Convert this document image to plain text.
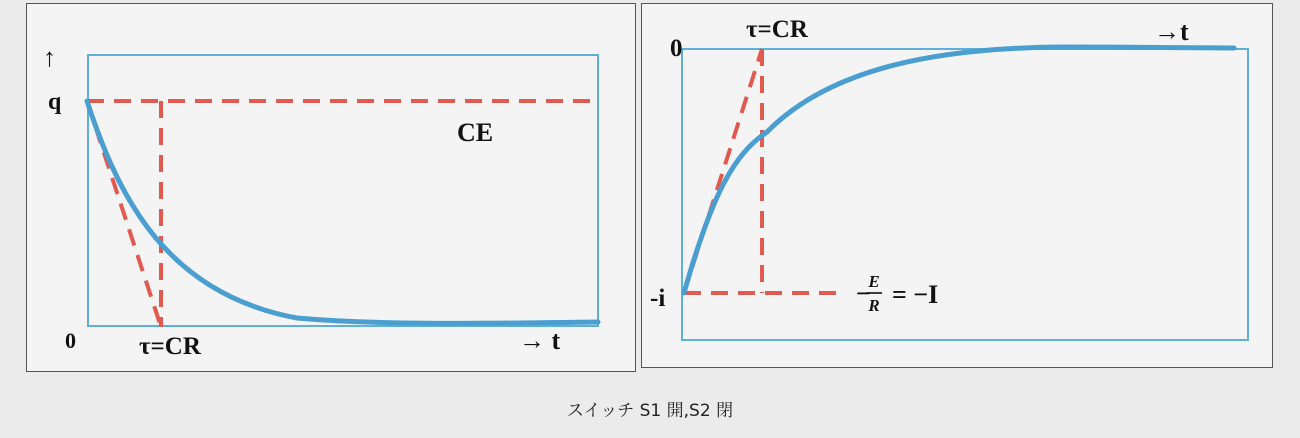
↑
q
CE
0	τ=CR	→ t
0
τ=CR	→t
-i	−
E
R = −I
スイッチ S1 開,S2 閉
